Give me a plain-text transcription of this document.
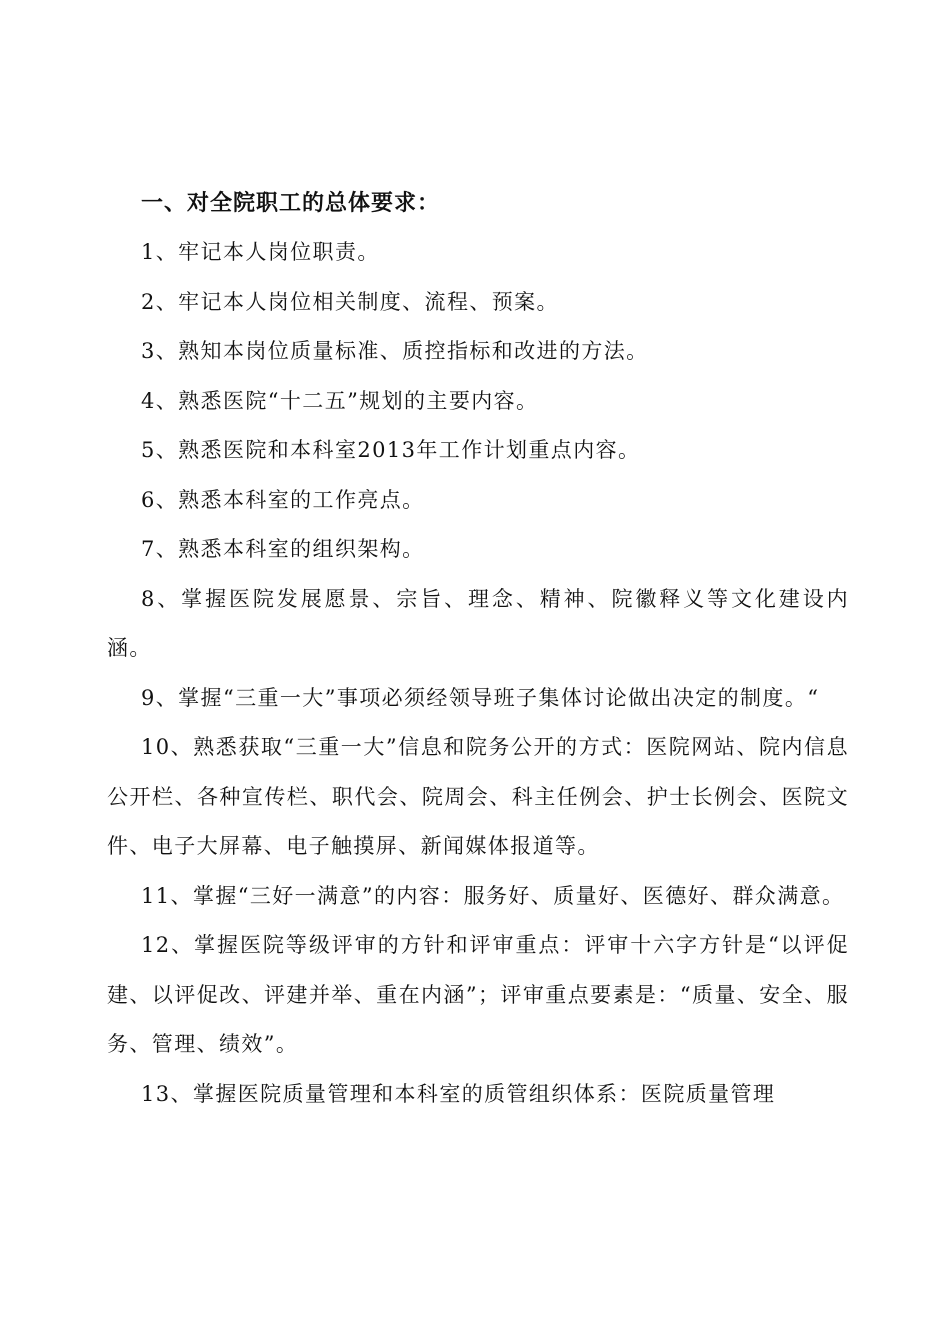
一、对全院职工的总体要求：

1、牢记本人岗位职责。

2、牢记本人岗位相关制度、流程、预案。

3、熟知本岗位质量标准、质控指标和改进的方法。

4、熟悉医院“十二五”规划的主要内容。

5、熟悉医院和本科室2013年工作计划重点内容。

6、熟悉本科室的工作亮点。

7、熟悉本科室的组织架构。

8、掌握医院发展愿景、宗旨、理念、精神、院徽释义等文化建设内涵。

9、掌握“三重一大”事项必须经领导班子集体讨论做出决定的制度。“

10、熟悉获取“三重一大”信息和院务公开的方式：医院网站、院内信息公开栏、各种宣传栏、职代会、院周会、科主任例会、护士长例会、医院文件、电子大屏幕、电子触摸屏、新闻媒体报道等。

11、掌握“三好一满意”的内容：服务好、质量好、医德好、群众满意。

12、掌握医院等级评审的方针和评审重点：评审十六字方针是“以评促建、以评促改、评建并举、重在内涵”；评审重点要素是：“质量、安全、服务、管理、绩效”。

13、掌握医院质量管理和本科室的质管组织体系：医院质量管理
